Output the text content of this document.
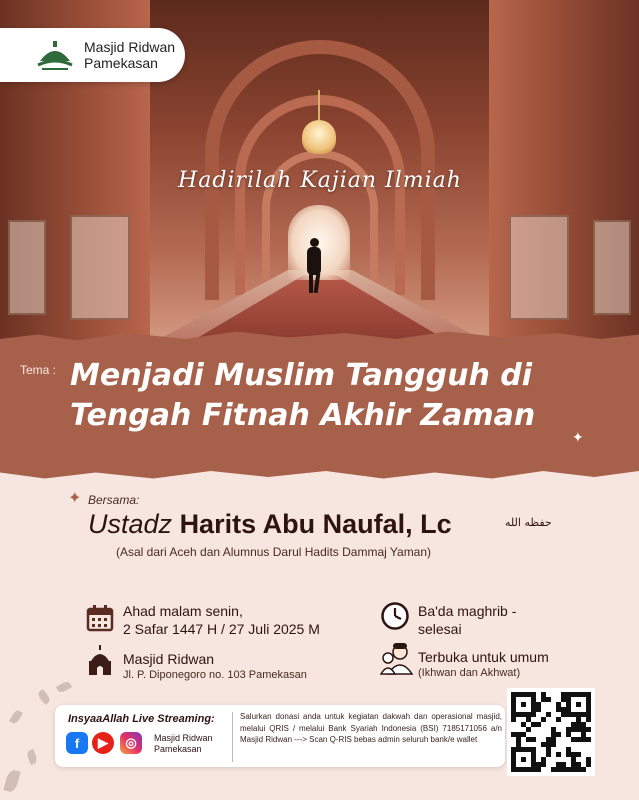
Hadirilah Kajian Ilmiah
Masjid Ridwan
Pamekasan
Tema : Menjadi Muslim Tangguh di
Tengah Fitnah Akhir Zaman
✦
✦ Bersama:
Ustadz Harits Abu Naufal, Lc	حفظه الله
(Asal dari Aceh dan Alumnus Darul Hadits Dammaj Yaman)
Ahad malam senin,
2 Safar 1447 H / 27 Juli 2025 M
Ba'da maghrib -
selesai
Masjid Ridwan
Jl. P. Diponegoro no. 103 Pamekasan
Terbuka untuk umum
(Ikhwan dan Akhwat)
InsyaaAllah Live Streaming:
f	▶	◎	Masjid Ridwan
Pamekasan
Salurkan donasi anda untuk kegiatan dakwah dan operasional masjid, melalui QRIS / melalui Bank Syariah Indonesia (BSI) 7185171056 a/n Masjid Ridwan ---> Scan Q-RIS bebas admin seluruh bank/e wallet
